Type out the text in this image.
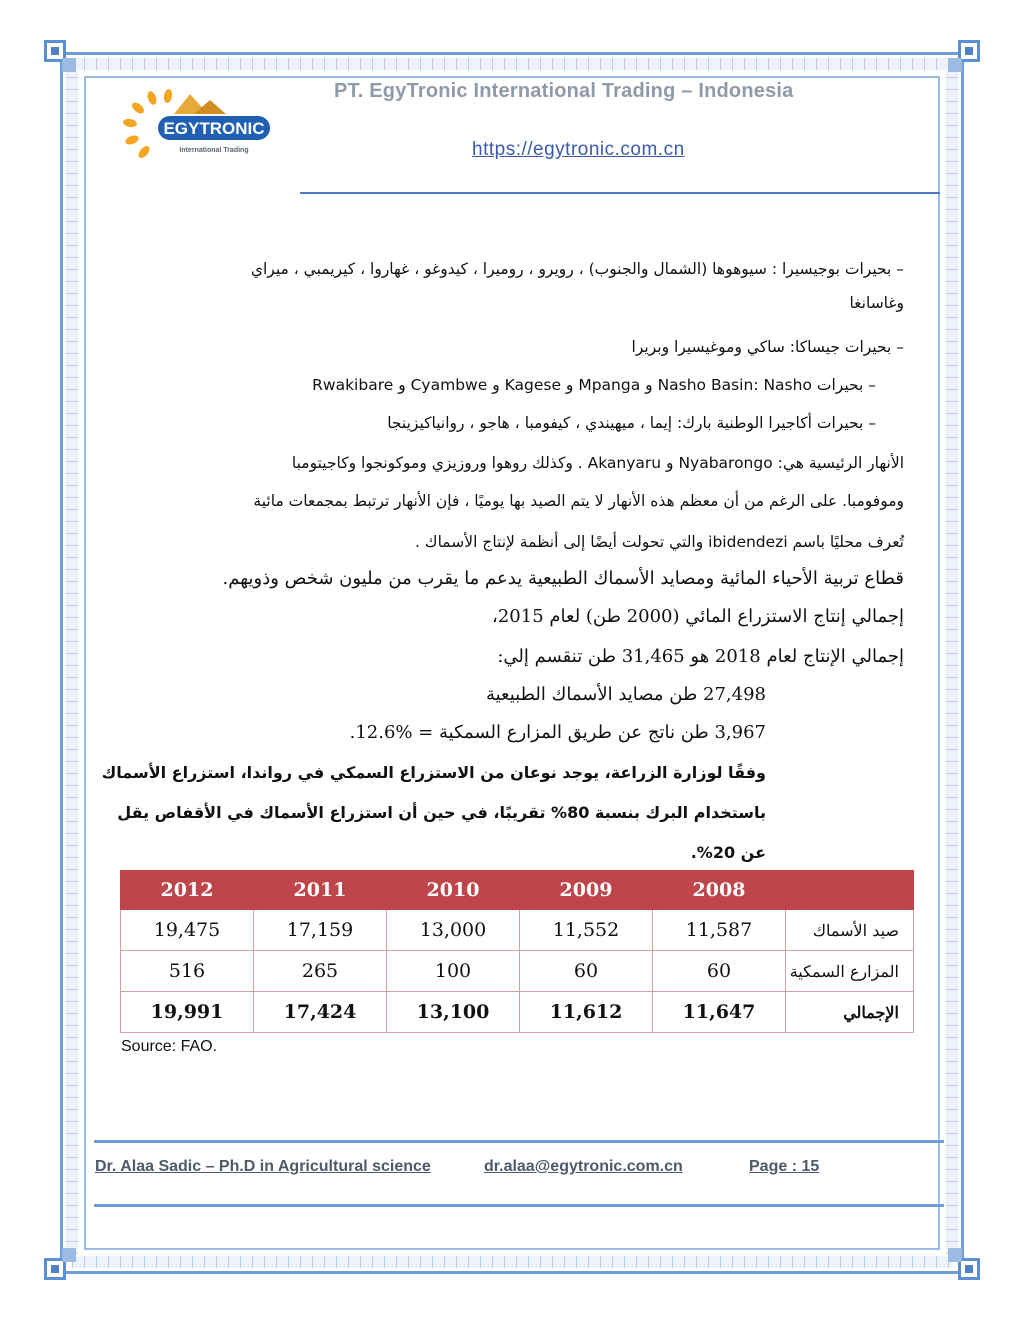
EGYTRONIC
International Trading
PT. EgyTronic International Trading – Indonesia
https://egytronic.com.cn
– بحيرات بوجيسيرا : سيوهوها (الشمال والجنوب) ، رويرو ، روميرا ، كيدوغو ، غهاروا ، كيريمبي ، ميراي
وغاسانغا
– بحيرات جيساكا: ساكي وموغيسيرا وبريرا
– بحيرات Nasho Basin: Nasho و Mpanga و Kagese و Cyambwe و Rwakibare
– بحيرات أكاجيرا الوطنية بارك: إيما ، ميهيندي ، كيفومبا ، هاجو ، روانياكيزينجا
الأنهار الرئيسية هي: Nyabarongo و Akanyaru . وكذلك روهوا وروزيزي وموكونجوا وكاجيتومبا
وموفومبا. على الرغم من أن معظم هذه الأنهار لا يتم الصيد بها يوميًا ، فإن الأنهار ترتبط بمجمعات مائية
تُعرف محليًا باسم ibidendezi والتي تحولت أيضًا إلى أنظمة لإنتاج الأسماك .
قطاع تربية الأحياء المائية ومصايد الأسماك الطبيعية يدعم ما يقرب من مليون شخص وذويهم.
إجمالي إنتاج الاستزراع المائي (2000 طن) لعام 2015،
إجمالي الإنتاج لعام 2018 هو 31,465 طن تنقسم إلي:
27,498 طن مصايد الأسماك الطبيعية
3,967 طن ناتج عن طريق المزارع السمكية = %12.6.
وفقًا لوزارة الزراعة، يوجد نوعان من الاستزراع السمكي في رواندا، استزراع الأسماك
باستخدام البرك بنسبة 80% تقريبًا، في حين أن استزراع الأسماك في الأقفاص يقل
عن 20%.
2012	2011	2010	2009	2008	
19,475	17,159	13,000	11,552	11,587	صيد الأسماك
516	265	100	60	60	المزارع السمكية
19,991	17,424	13,100	11,612	11,647	الإجمالي
Source: FAO.
Dr. Alaa Sadic – Ph.D in Agricultural science	dr.alaa@egytronic.com.cn	Page : 15
